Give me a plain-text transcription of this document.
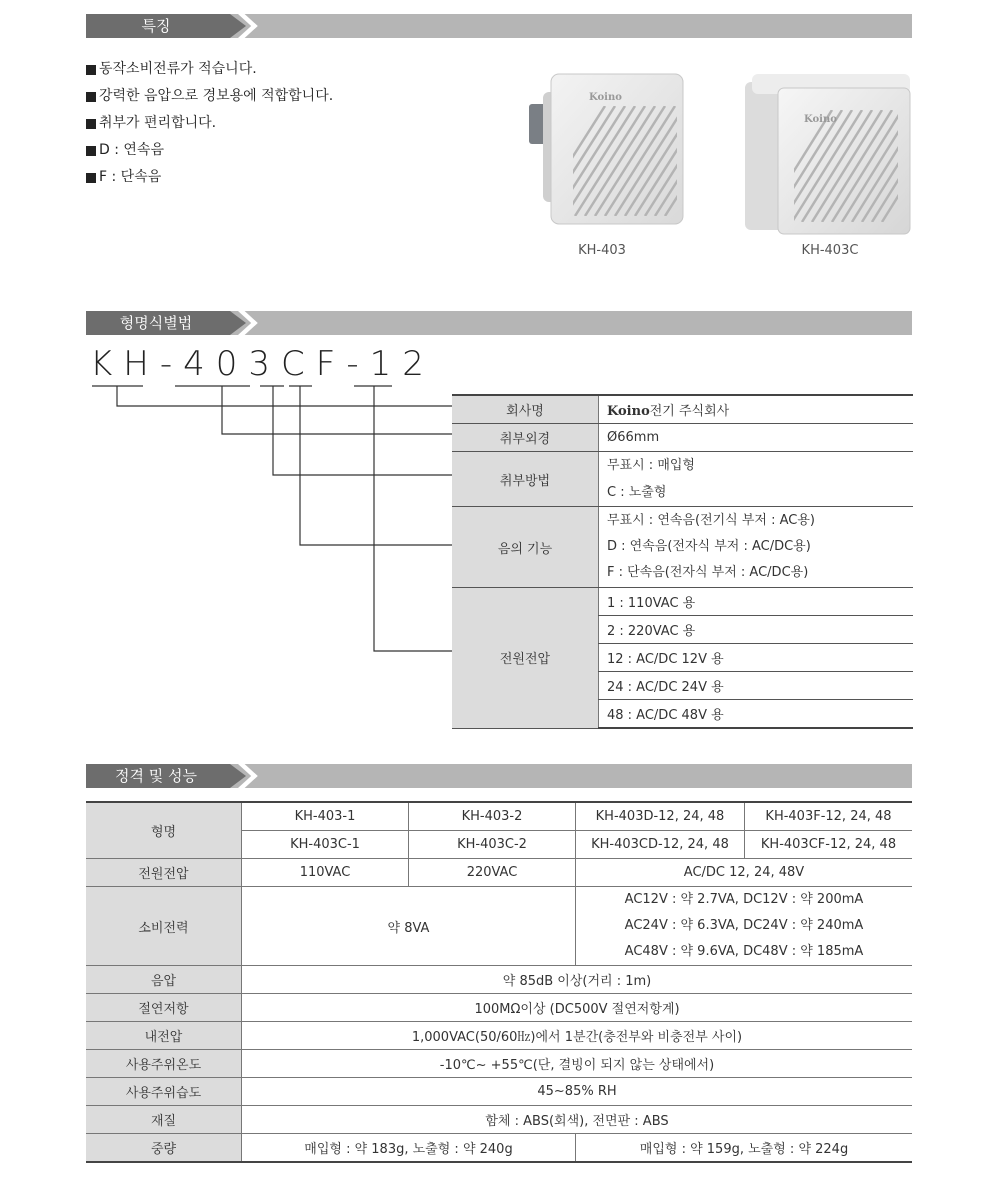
특징
동작소비전류가 적습니다.
강력한 음압으로 경보용에 적합합니다.
취부가 편리합니다.
D : 연속음
F : 단속음
Koino
KH-403
Koino
KH-403C
형명식별법
KH-403CF-12
회사명	Koino전기 주식회사
취부외경	Ø66mm
취부방법	무표시 : 매입형
C : 노출형

음의 기능	무표시 : 연속음(전기식 부저 : AC용)
D : 연속음(전자식 부저 : AC/DC용)
F : 단속음(전자식 부저 : AC/DC용)

전원전압	1 : 110VAC 용
	2 : 220VAC 용
	12 : AC/DC 12V 용
	24 : AC/DC 24V 용
	48 : AC/DC 48V 용
정격 및 성능
형명	KH-403-1	KH-403-2	KH-403D-12, 24, 48	KH-403F-12, 24, 48
	KH-403C-1	KH-403C-2	KH-403CD-12, 24, 48	KH-403CF-12, 24, 48
전원전압	110VAC	220VAC	AC/DC 12, 24, 48V	
소비전력	약 8VA		AC12V : 약 2.7VA, DC12V : 약 200mA
AC24V : 약 6.3VA, DC24V : 약 240mA
AC48V : 약 9.6VA, DC48V : 약 185mA	

음압	약 85dB 이상(거리 : 1m)			
절연저항	100MΩ이상 (DC500V 절연저항계)			
내전압	1,000VAC(50/60㎐)에서 1분간(충전부와 비충전부 사이)			
사용주위온도	-10℃~ +55℃(단, 결빙이 되지 않는 상태에서)			
사용주위습도	45~85% RH			
재질	함체 : ABS(회색), 전면판 : ABS			
중량	매입형 : 약 183g, 노출형 : 약 240g		매입형 : 약 159g, 노출형 : 약 224g	
